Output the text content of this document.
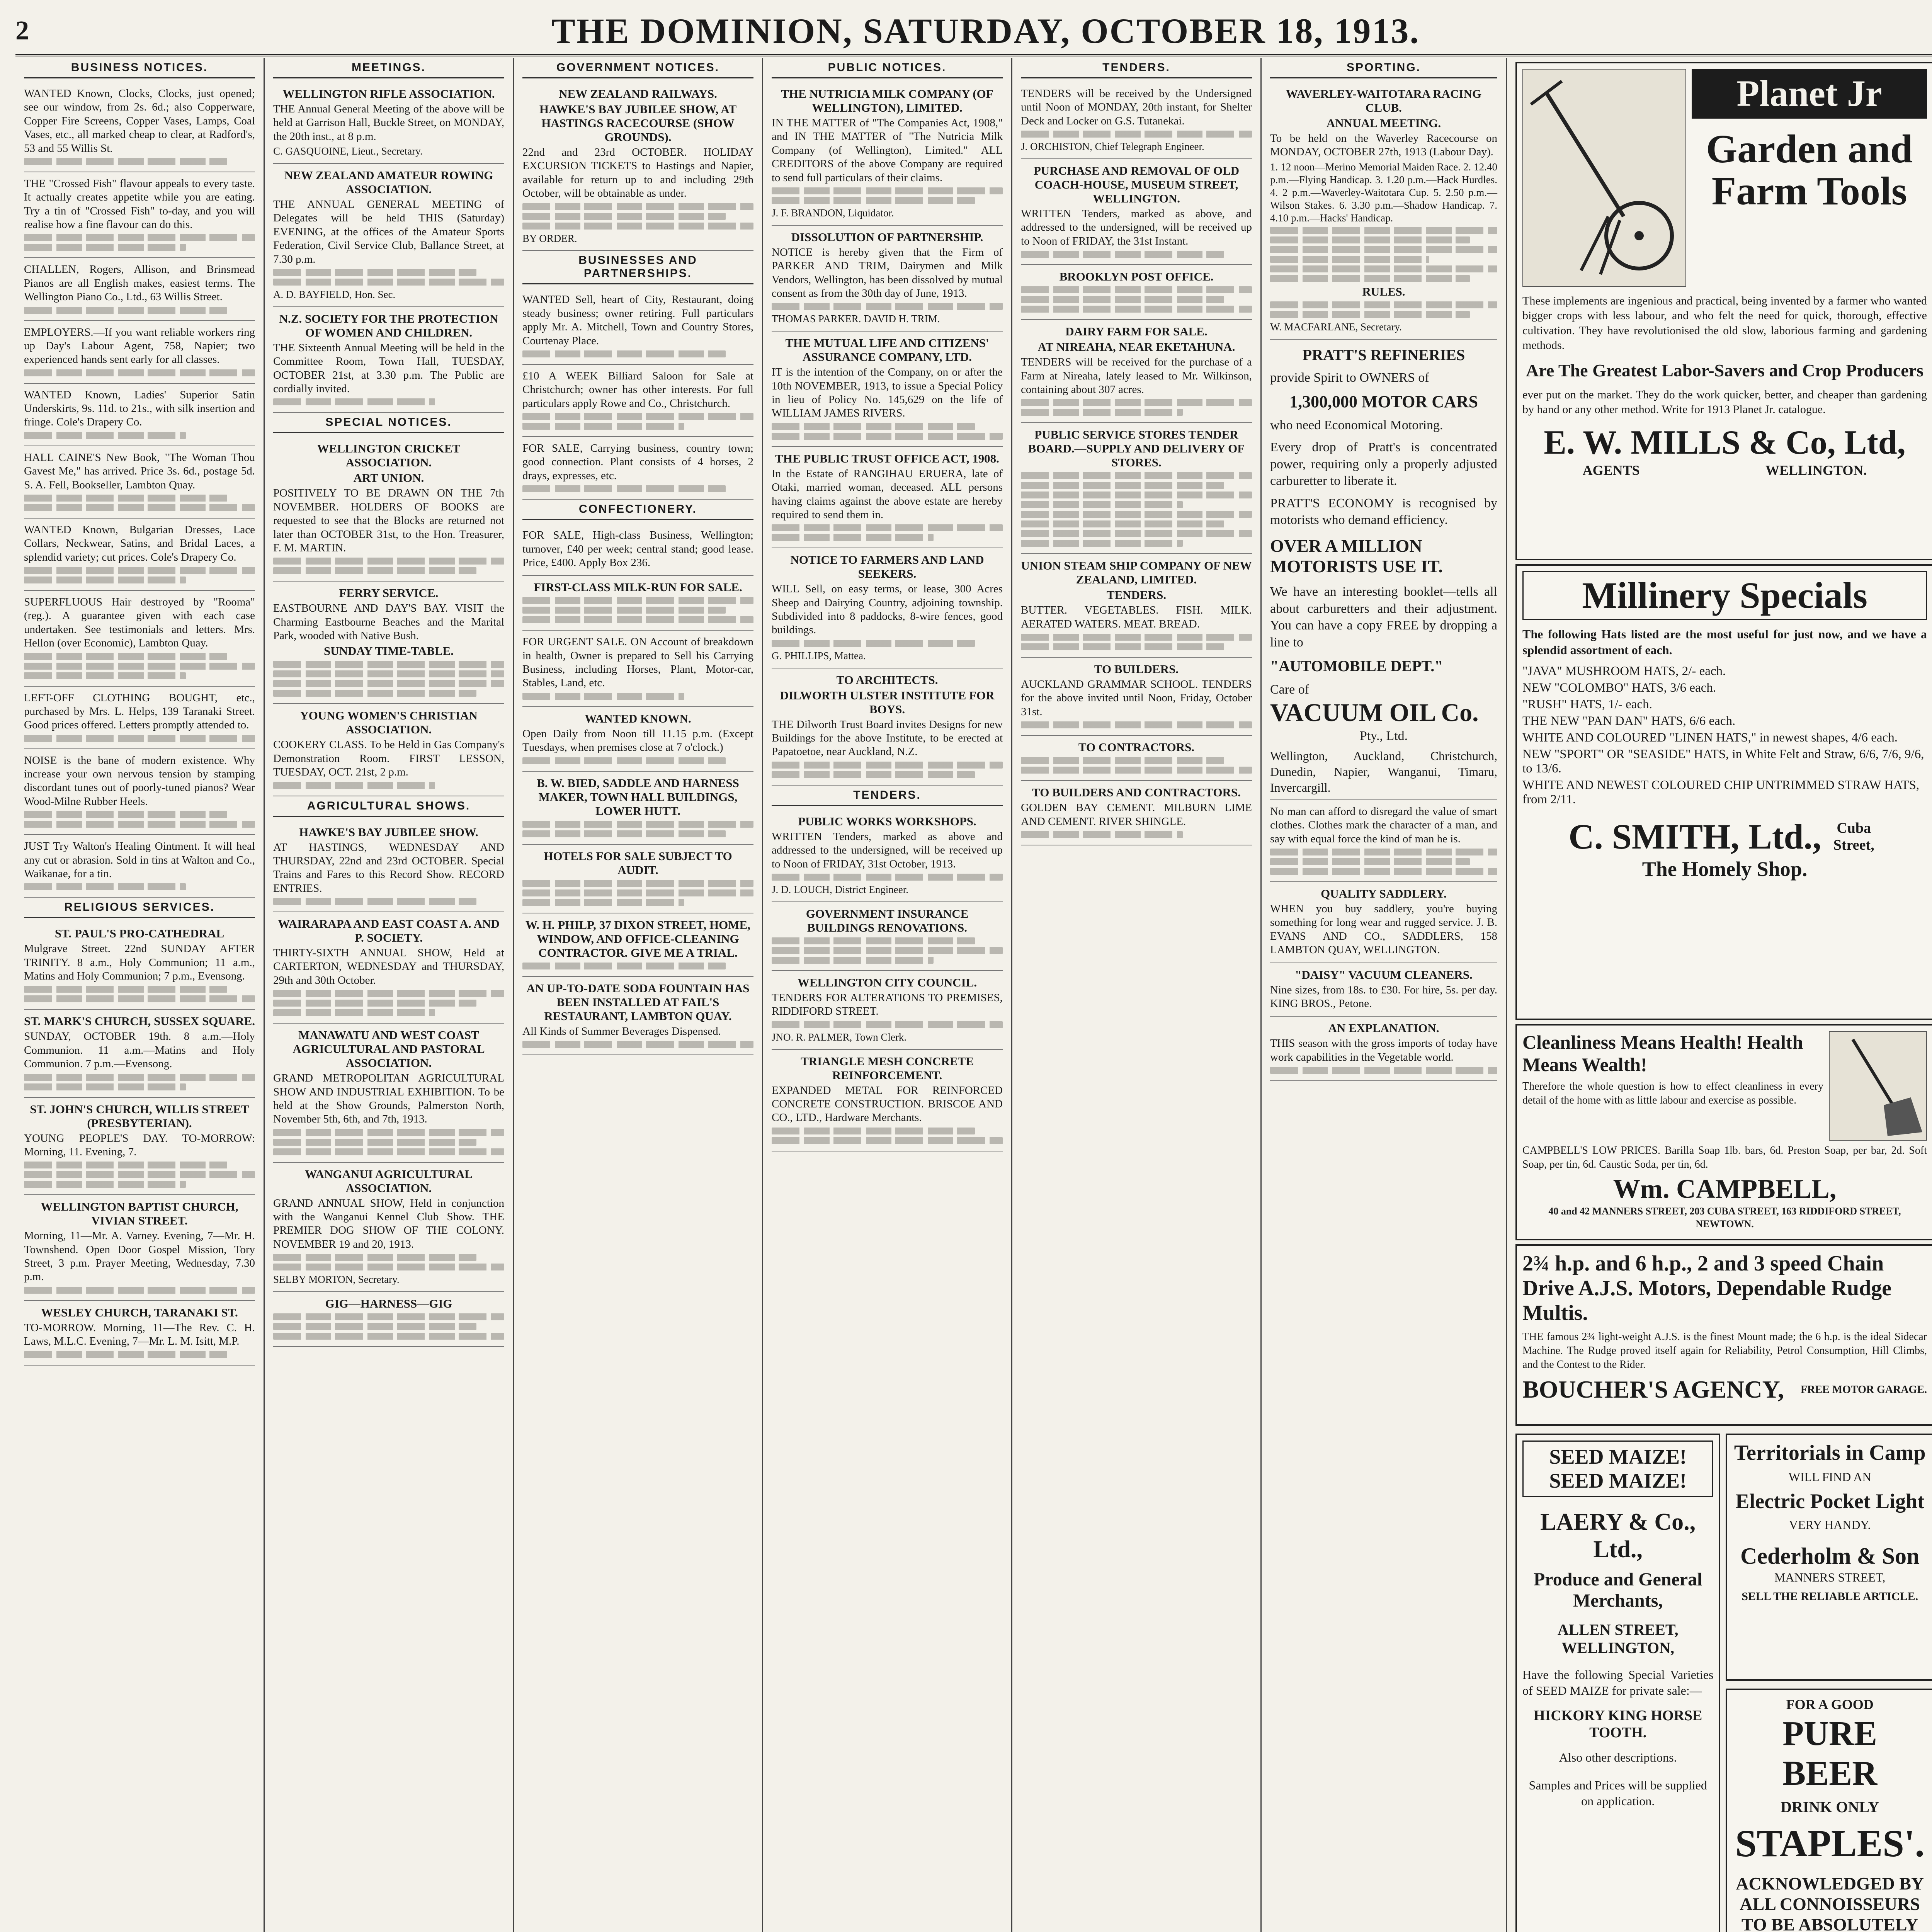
2	THE DOMINION, SATURDAY, OCTOBER 18, 1913.
BUSINESS NOTICES.

WANTED Known, Clocks, Clocks, just opened; see our window, from 2s. 6d.; also Copperware, Copper Fire Screens, Copper Vases, Lamps, Coal Vases, etc., all marked cheap to clear, at Radford's, 53 and 55 Willis St.

THE "Crossed Fish" flavour appeals to every taste. It actually creates appetite while you are eating. Try a tin of "Crossed Fish" to-day, and you will realise how a fine flavour can do this.

CHALLEN, Rogers, Allison, and Brinsmead Pianos are all English makes, easiest terms. The Wellington Piano Co., Ltd., 63 Willis Street.

EMPLOYERS.—If you want reliable workers ring up Day's Labour Agent, 758, Napier; two experienced hands sent early for all classes.

WANTED Known, Ladies' Superior Satin Underskirts, 9s. 11d. to 21s., with silk insertion and fringe. Cole's Drapery Co.

HALL CAINE'S New Book, "The Woman Thou Gavest Me," has arrived. Price 3s. 6d., postage 5d. S. A. Fell, Bookseller, Lambton Quay.

WANTED Known, Bulgarian Dresses, Lace Collars, Neckwear, Satins, and Bridal Laces, a splendid variety; cut prices. Cole's Drapery Co.

SUPERFLUOUS Hair destroyed by "Rooma" (reg.). A guarantee given with each case undertaken. See testimonials and letters. Mrs. Hellon (over Economic), Lambton Quay.

LEFT-OFF CLOTHING BOUGHT, etc., purchased by Mrs. L. Helps, 139 Taranaki Street. Good prices offered. Letters promptly attended to.

NOISE is the bane of modern existence. Why increase your own nervous tension by stamping discordant tunes out of poorly-tuned pianos? Wear Wood-Milne Rubber Heels.

JUST Try Walton's Healing Ointment. It will heal any cut or abrasion. Sold in tins at Walton and Co., Waikanae, for a tin.

RELIGIOUS SERVICES.
ST. PAUL'S PRO-CATHEDRAL

Mulgrave Street. 22nd SUNDAY AFTER TRINITY. 8 a.m., Holy Communion; 11 a.m., Matins and Holy Communion; 7 p.m., Evensong.

ST. MARK'S CHURCH, SUSSEX SQUARE.

SUNDAY, OCTOBER 19th. 8 a.m.—Holy Communion. 11 a.m.—Matins and Holy Communion. 7 p.m.—Evensong.

ST. JOHN'S CHURCH, WILLIS STREET (PRESBYTERIAN).

YOUNG PEOPLE'S DAY. TO-MORROW: Morning, 11. Evening, 7.

WELLINGTON BAPTIST CHURCH, VIVIAN STREET.

Morning, 11—Mr. A. Varney. Evening, 7—Mr. H. Townshend. Open Door Gospel Mission, Tory Street, 3 p.m. Prayer Meeting, Wednesday, 7.30 p.m.

WESLEY CHURCH, TARANAKI ST.

TO-MORROW. Morning, 11—The Rev. C. H. Laws, M.L.C. Evening, 7—Mr. L. M. Isitt, M.P.

MEETINGS.
WELLINGTON RIFLE ASSOCIATION.

THE Annual General Meeting of the above will be held at Garrison Hall, Buckle Street, on MONDAY, the 20th inst., at 8 p.m.

C. GASQUOINE, Lieut., Secretary.

NEW ZEALAND AMATEUR ROWING ASSOCIATION.

THE ANNUAL GENERAL MEETING of Delegates will be held THIS (Saturday) EVENING, at the offices of the Amateur Sports Federation, Civil Service Club, Ballance Street, at 7.30 p.m.

A. D. BAYFIELD, Hon. Sec.

N.Z. SOCIETY FOR THE PROTECTION OF WOMEN AND CHILDREN.

THE Sixteenth Annual Meeting will be held in the Committee Room, Town Hall, TUESDAY, OCTOBER 21st, at 3.30 p.m. The Public are cordially invited.

SPECIAL NOTICES.
WELLINGTON CRICKET ASSOCIATION.
ART UNION.

POSITIVELY TO BE DRAWN ON THE 7th NOVEMBER. HOLDERS OF BOOKS are requested to see that the Blocks are returned not later than OCTOBER 31st, to the Hon. Treasurer, F. M. MARTIN.

FERRY SERVICE.

EASTBOURNE AND DAY'S BAY. VISIT the Charming Eastbourne Beaches and the Marital Park, wooded with Native Bush.

SUNDAY TIME-TABLE.
YOUNG WOMEN'S CHRISTIAN ASSOCIATION.

COOKERY CLASS. To be Held in Gas Company's Demonstration Room. FIRST LESSON, TUESDAY, OCT. 21st, 2 p.m.

AGRICULTURAL SHOWS.
HAWKE'S BAY JUBILEE SHOW.

AT HASTINGS, WEDNESDAY AND THURSDAY, 22nd and 23rd OCTOBER. Special Trains and Fares to this Record Show. RECORD ENTRIES.

WAIRARAPA AND EAST COAST A. AND P. SOCIETY.

THIRTY-SIXTH ANNUAL SHOW, Held at CARTERTON, WEDNESDAY and THURSDAY, 29th and 30th October.

MANAWATU AND WEST COAST AGRICULTURAL AND PASTORAL ASSOCIATION.

GRAND METROPOLITAN AGRICULTURAL SHOW AND INDUSTRIAL EXHIBITION. To be held at the Show Grounds, Palmerston North, November 5th, 6th, and 7th, 1913.

WANGANUI AGRICULTURAL ASSOCIATION.

GRAND ANNUAL SHOW, Held in conjunction with the Wanganui Kennel Club Show. THE PREMIER DOG SHOW OF THE COLONY. NOVEMBER 19 and 20, 1913.

SELBY MORTON, Secretary.

GIG—HARNESS—GIG
GOVERNMENT NOTICES.
NEW ZEALAND RAILWAYS.
HAWKE'S BAY JUBILEE SHOW, AT HASTINGS RACECOURSE (SHOW GROUNDS).

22nd and 23rd OCTOBER. HOLIDAY EXCURSION TICKETS to Hastings and Napier, available for return up to and including 29th October, will be obtainable as under.

BY ORDER.

BUSINESSES AND PARTNERSHIPS.

WANTED Sell, heart of City, Restaurant, doing steady business; owner retiring. Full particulars apply Mr. A. Mitchell, Town and Country Stores, Courtenay Place.

£10 A WEEK Billiard Saloon for Sale at Christchurch; owner has other interests. For full particulars apply Rowe and Co., Christchurch.

FOR SALE, Carrying business, country town; good connection. Plant consists of 4 horses, 2 drays, expresses, etc.

CONFECTIONERY.

FOR SALE, High-class Business, Wellington; turnover, £40 per week; central stand; good lease. Price, £400. Apply Box 236.

FIRST-CLASS MILK-RUN FOR SALE.

FOR URGENT SALE. ON Account of breakdown in health, Owner is prepared to Sell his Carrying Business, including Horses, Plant, Motor-car, Stables, Land, etc.

WANTED KNOWN.

Open Daily from Noon till 11.15 p.m. (Except Tuesdays, when premises close at 7 o'clock.)

B. W. BIED, SADDLE AND HARNESS MAKER, TOWN HALL BUILDINGS, LOWER HUTT.
HOTELS FOR SALE SUBJECT TO AUDIT.
W. H. PHILP, 37 DIXON STREET, HOME, WINDOW, AND OFFICE-CLEANING CONTRACTOR. GIVE ME A TRIAL.
AN UP-TO-DATE SODA FOUNTAIN HAS BEEN INSTALLED AT FAIL'S RESTAURANT, LAMBTON QUAY.

All Kinds of Summer Beverages Dispensed.

PUBLIC NOTICES.
THE NUTRICIA MILK COMPANY (OF WELLINGTON), LIMITED.

IN THE MATTER of "The Companies Act, 1908," and IN THE MATTER of "The Nutricia Milk Company (of Wellington), Limited." ALL CREDITORS of the above Company are required to send full particulars of their claims.

J. F. BRANDON, Liquidator.

DISSOLUTION OF PARTNERSHIP.

NOTICE is hereby given that the Firm of PARKER AND TRIM, Dairymen and Milk Vendors, Wellington, has been dissolved by mutual consent as from the 30th day of June, 1913.

THOMAS PARKER. DAVID H. TRIM.

THE MUTUAL LIFE AND CITIZENS' ASSURANCE COMPANY, LTD.

IT is the intention of the Company, on or after the 10th NOVEMBER, 1913, to issue a Special Policy in lieu of Policy No. 145,629 on the life of WILLIAM JAMES RIVERS.

THE PUBLIC TRUST OFFICE ACT, 1908.

In the Estate of RANGIHAU ERUERA, late of Otaki, married woman, deceased. ALL persons having claims against the above estate are hereby required to send them in.

NOTICE TO FARMERS AND LAND SEEKERS.

WILL Sell, on easy terms, or lease, 300 Acres Sheep and Dairying Country, adjoining township. Subdivided into 8 paddocks, 8-wire fences, good buildings.

G. PHILLIPS, Mattea.

TO ARCHITECTS.
DILWORTH ULSTER INSTITUTE FOR BOYS.

THE Dilworth Trust Board invites Designs for new Buildings for the above Institute, to be erected at Papatoetoe, near Auckland, N.Z.

TENDERS.
PUBLIC WORKS WORKSHOPS.

WRITTEN Tenders, marked as above and addressed to the undersigned, will be received up to Noon of FRIDAY, 31st October, 1913.

J. D. LOUCH, District Engineer.

GOVERNMENT INSURANCE BUILDINGS RENOVATIONS.
WELLINGTON CITY COUNCIL.

TENDERS FOR ALTERATIONS TO PREMISES, RIDDIFORD STREET.

JNO. R. PALMER, Town Clerk.

TRIANGLE MESH CONCRETE REINFORCEMENT.

EXPANDED METAL FOR REINFORCED CONCRETE CONSTRUCTION. BRISCOE AND CO., LTD., Hardware Merchants.

TENDERS.

TENDERS will be received by the Undersigned until Noon of MONDAY, 20th instant, for Shelter Deck and Locker on G.S. Tutanekai.

J. ORCHISTON, Chief Telegraph Engineer.

PURCHASE AND REMOVAL OF OLD COACH-HOUSE, MUSEUM STREET, WELLINGTON.

WRITTEN Tenders, marked as above, and addressed to the undersigned, will be received up to Noon of FRIDAY, the 31st Instant.

BROOKLYN POST OFFICE.
DAIRY FARM FOR SALE.
AT NIREAHA, NEAR EKETAHUNA.

TENDERS will be received for the purchase of a Farm at Nireaha, lately leased to Mr. Wilkinson, containing about 307 acres.

PUBLIC SERVICE STORES TENDER BOARD.—SUPPLY AND DELIVERY OF STORES.
UNION STEAM SHIP COMPANY OF NEW ZEALAND, LIMITED.
TENDERS.

BUTTER. VEGETABLES. FISH. MILK. AERATED WATERS. MEAT. BREAD.

TO BUILDERS.

AUCKLAND GRAMMAR SCHOOL. TENDERS for the above invited until Noon, Friday, October 31st.

TO CONTRACTORS.
TO BUILDERS AND CONTRACTORS.

GOLDEN BAY CEMENT. MILBURN LIME AND CEMENT. RIVER SHINGLE.

SPORTING.
WAVERLEY-WAITOTARA RACING CLUB.
ANNUAL MEETING.

To be held on the Waverley Racecourse on MONDAY, OCTOBER 27th, 1913 (Labour Day).

1. 12 noon—Merino Memorial Maiden Race. 2. 12.40 p.m.—Flying Handicap. 3. 1.20 p.m.—Hack Hurdles. 4. 2 p.m.—Waverley-Waitotara Cup. 5. 2.50 p.m.—Wilson Stakes. 6. 3.30 p.m.—Shadow Handicap. 7. 4.10 p.m.—Hacks' Handicap.

RULES.

W. MACFARLANE, Secretary.

PRATT'S REFINERIES
provide Spirit to OWNERS of
1,300,000 MOTOR CARS
who need Economical Motoring.
Every drop of Pratt's is concentrated power, requiring only a properly adjusted carburetter to liberate it.
PRATT'S ECONOMY is recognised by motorists who demand efficiency.
OVER A MILLION MOTORISTS USE IT.
We have an interesting booklet—tells all about carburetters and their adjustment. You can have a copy FREE by dropping a line to
"AUTOMOBILE DEPT."
Care of
VACUUM OIL Co.
Pty., Ltd.
Wellington, Auckland, Christchurch, Dunedin, Napier, Wanganui, Timaru, Invercargill.

No man can afford to disregard the value of smart clothes. Clothes mark the character of a man, and say with equal force the kind of man he is.

QUALITY SADDLERY.

WHEN you buy saddlery, you're buying something for long wear and rugged service. J. B. EVANS AND CO., SADDLERS, 158 LAMBTON QUAY, WELLINGTON.

"DAISY" VACUUM CLEANERS.

Nine sizes, from 18s. to £30. For hire, 5s. per day. KING BROS., Petone.

AN EXPLANATION.

THIS season with the gross imports of today have work capabilities in the Vegetable world.

Planet Jr
Garden and Farm Tools
These implements are ingenious and practical, being invented by a farmer who wanted bigger crops with less labour, and who felt the need for quick, thorough, effective cultivation. They have revolutionised the old slow, laborious farming and gardening methods.
Are The Greatest Labor-Savers and Crop Producers
ever put on the market. They do the work quicker, better, and cheaper than gardening by hand or any other method. Write for 1913 Planet Jr. catalogue.
E. W. MILLS & Co, Ltd,
AGENTS	WELLINGTON.
Millinery Specials
The following Hats listed are the most useful for just now, and we have a splendid assortment of each.
"JAVA" MUSHROOM HATS, 2/- each.
NEW "COLOMBO" HATS, 3/6 each.
"RUSH" HATS, 1/- each.
THE NEW "PAN DAN" HATS, 6/6 each.
WHITE AND COLOURED "LINEN HATS," in newest shapes, 4/6 each.
NEW "SPORT" OR "SEASIDE" HATS, in White Felt and Straw, 6/6, 7/6, 9/6, to 13/6.
WHITE AND NEWEST COLOURED CHIP UNTRIMMED STRAW HATS, from 2/11.
C. SMITH, Ltd.,	Cuba Street,
The Homely Shop.
Cleanliness Means Health! Health Means Wealth!
Therefore the whole question is how to effect cleanliness in every detail of the home with as little labour and exercise as possible.
CAMPBELL'S LOW PRICES. Barilla Soap 1lb. bars, 6d. Preston Soap, per bar, 2d. Soft Soap, per tin, 6d. Caustic Soda, per tin, 6d.
Wm. CAMPBELL,
40 and 42 MANNERS STREET, 203 CUBA STREET, 163 RIDDIFORD STREET, NEWTOWN.
2¾ h.p. and 6 h.p., 2 and 3 speed Chain Drive A.J.S. Motors, Dependable Rudge Multis.
THE famous 2¾ light-weight A.J.S. is the finest Mount made; the 6 h.p. is the ideal Sidecar Machine. The Rudge proved itself again for Reliability, Petrol Consumption, Hill Climbs, and the Contest to the Rider.
BOUCHER'S AGENCY, FREE MOTOR GARAGE.
SEED MAIZE! SEED MAIZE!
LAERY & Co., Ltd.,
Produce and General Merchants,
ALLEN STREET, WELLINGTON,
Have the following Special Varieties of SEED MAIZE for private sale:—
HICKORY KING HORSE TOOTH.
Also other descriptions.
Samples and Prices will be supplied on application.
Territorials in Camp
WILL FIND AN
Electric Pocket Light
VERY HANDY.
Cederholm & Son
MANNERS STREET,
SELL THE RELIABLE ARTICLE.
FOR A GOOD
PURE BEER
DRINK ONLY
STAPLES'.
ACKNOWLEDGED BY ALL CONNOISSEURS TO BE ABSOLUTELY
